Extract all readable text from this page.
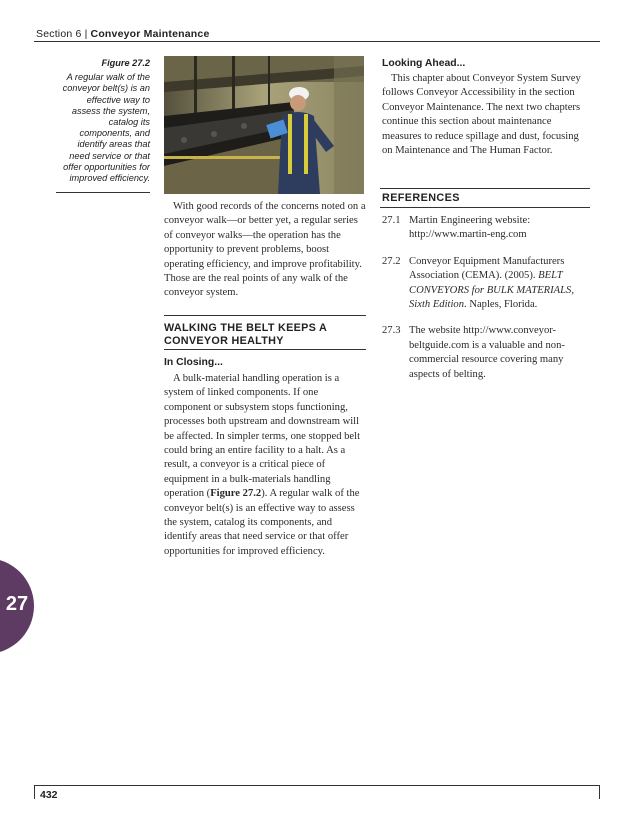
Section 6 | Conveyor Maintenance
Figure 27.2
A regular walk of the conveyor belt(s) is an effective way to assess the system, catalog its components, and identify areas that need service or that offer opportunities for improved efficiency.

With good records of the concerns noted on a conveyor walk—or better yet, a regular series of conveyor walks—the operation has the opportunity to prevent problems, boost operating efficiency, and improve profitability. Those are the real points of any walk of the conveyor system.

WALKING THE BELT KEEPS A
CONVEYOR HEALTHY
In Closing...

A bulk-material handling operation is a system of linked components. If one component or subsystem stops functioning, processes both upstream and downstream will be affected. In simpler terms, one stopped belt could bring an entire facility to a halt. As a result, a conveyor is a critical piece of equipment in a bulk-materials handling operation (Figure 27.2). A regular walk of the conveyor belt(s) is an effective way to assess the system, catalog its components, and identify areas that need service or that offer opportunities for improved efficiency.

Looking Ahead...

This chapter about Conveyor System Survey follows Conveyor Accessibility in the section Conveyor Maintenance. The next two chapters continue this section about maintenance measures to reduce spillage and dust, focusing on Maintenance and The Human Factor.

REFERENCES
27.1 Martin Engineering website: http://www.martin-eng.com
27.2 Conveyor Equipment Manufacturers Association (CEMA). (2005). BELT CONVEYORS for BULK MATERIALS, Sixth Edition. Naples, Florida.
27.3 The website http://www.conveyor-beltguide.com is a valuable and non-commercial resource covering many aspects of belting.
27
432
